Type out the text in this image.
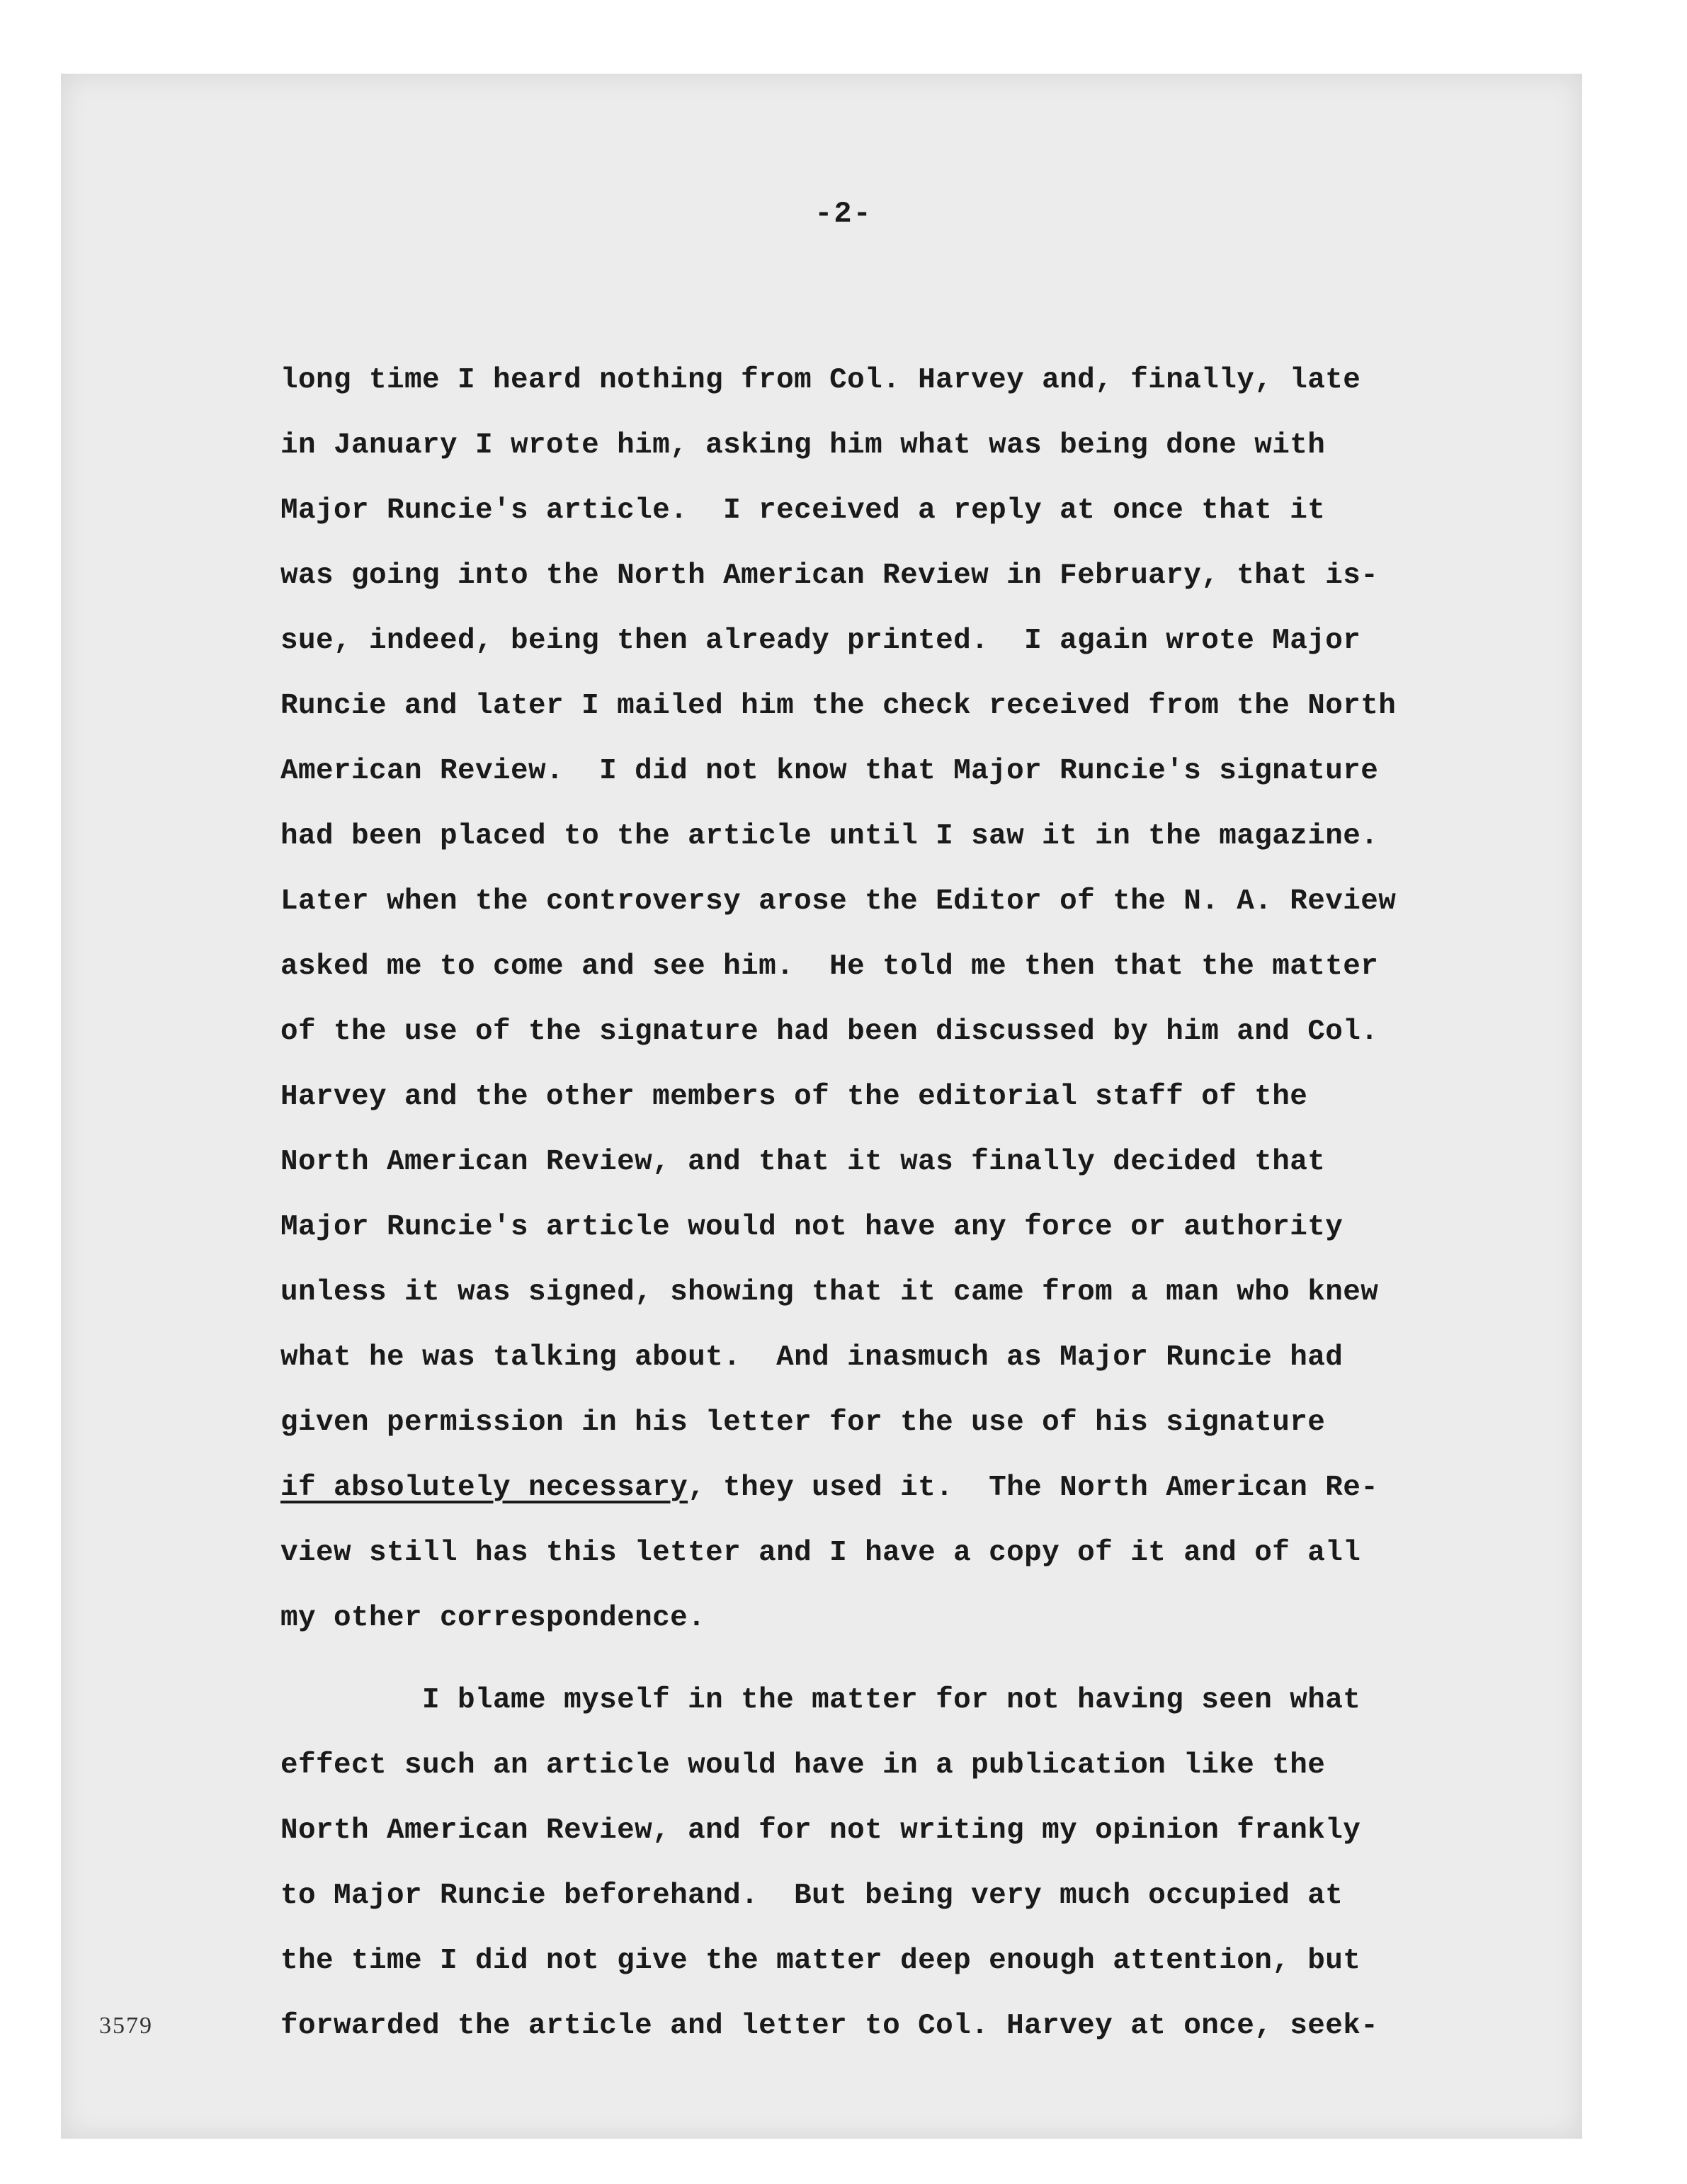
-2-
long time I heard nothing from Col. Harvey and, finally, late
in January I wrote him, asking him what was being done with
Major Runcie's article.  I received a reply at once that it
was going into the North American Review in February, that is-
sue, indeed, being then already printed.  I again wrote Major
Runcie and later I mailed him the check received from the North
American Review.  I did not know that Major Runcie's signature
had been placed to the article until I saw it in the magazine.
Later when the controversy arose the Editor of the N. A. Review
asked me to come and see him.  He told me then that the matter
of the use of the signature had been discussed by him and Col.
Harvey and the other members of the editorial staff of the
North American Review, and that it was finally decided that
Major Runcie's article would not have any force or authority
unless it was signed, showing that it came from a man who knew
what he was talking about.  And inasmuch as Major Runcie had
given permission in his letter for the use of his signature
if absolutely necessary, they used it.  The North American Re-
view still has this letter and I have a copy of it and of all
my other correspondence.
I blame myself in the matter for not having seen what
effect such an article would have in a publication like the
North American Review, and for not writing my opinion frankly
to Major Runcie beforehand.  But being very much occupied at
the time I did not give the matter deep enough attention, but
forwarded the article and letter to Col. Harvey at once, seek-
3579
